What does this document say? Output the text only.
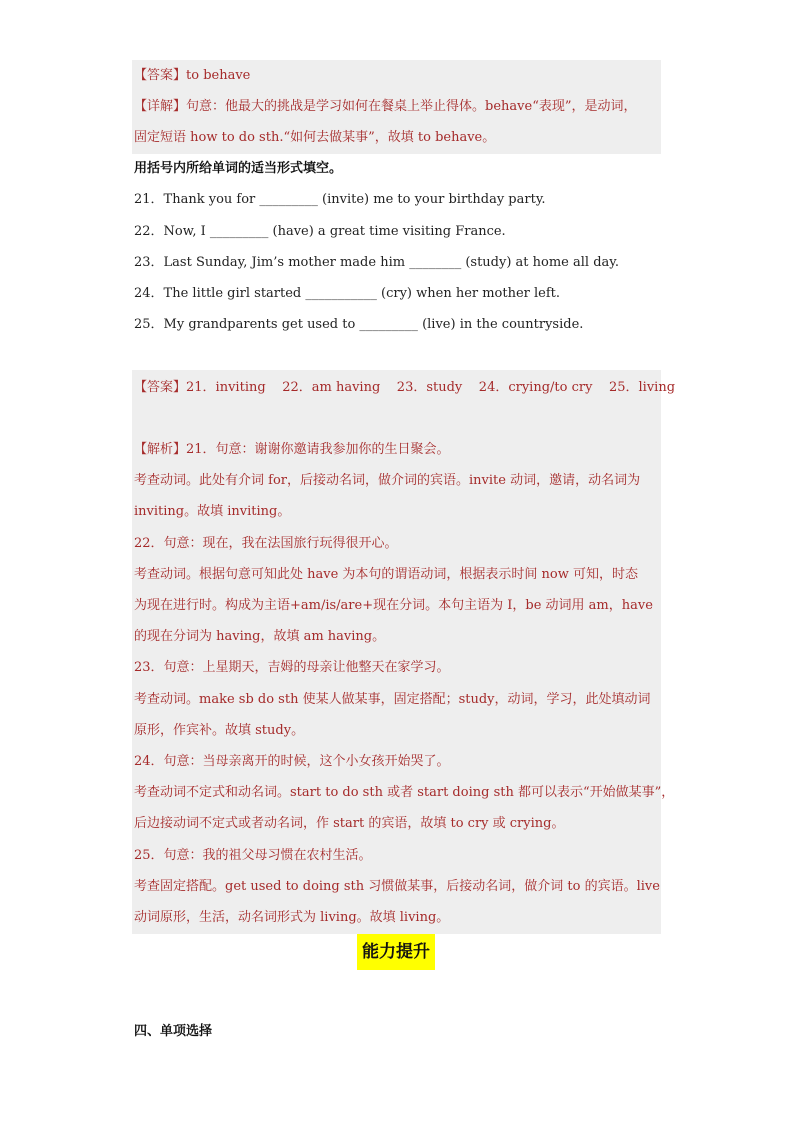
【答案】to behave
【详解】句意：他最大的挑战是学习如何在餐桌上举止得体。behave“表现”，是动词，
固定短语 how to do sth.“如何去做某事”，故填 to behave。
用括号内所给单词的适当形式填空。
21．Thank you for _________ (invite) me to your birthday party.
22．Now, I _________ (have) a great time visiting France.
23．Last Sunday, Jim’s mother made him ________ (study) at home all day.
24．The little girl started ___________ (cry) when her mother left.
25．My grandparents get used to _________ (live) in the countryside.
【答案】21．inviting    22．am having    23．study    24．crying/to cry    25．living
【解析】21．句意：谢谢你邀请我参加你的生日聚会。
考查动词。此处有介词 for，后接动名词，做介词的宾语。invite 动词，邀请，动名词为
inviting。故填 inviting。
22．句意：现在，我在法国旅行玩得很开心。
考查动词。根据句意可知此处 have 为本句的谓语动词，根据表示时间 now 可知，时态
为现在进行时。构成为主语+am/is/are+现在分词。本句主语为 I，be 动词用 am，have
的现在分词为 having，故填 am having。
23．句意：上星期天，吉姆的母亲让他整天在家学习。
考查动词。make sb do sth 使某人做某事，固定搭配；study，动词，学习，此处填动词
原形，作宾补。故填 study。
24．句意：当母亲离开的时候，这个小女孩开始哭了。
考查动词不定式和动名词。start to do sth 或者 start doing sth 都可以表示“开始做某事”，
后边接动词不定式或者动名词，作 start 的宾语，故填 to cry 或 crying。
25．句意：我的祖父母习惯在农村生活。
考查固定搭配。get used to doing sth 习惯做某事，后接动名词，做介词 to 的宾语。live
动词原形，生活，动名词形式为 living。故填 living。
能力提升
四、单项选择
